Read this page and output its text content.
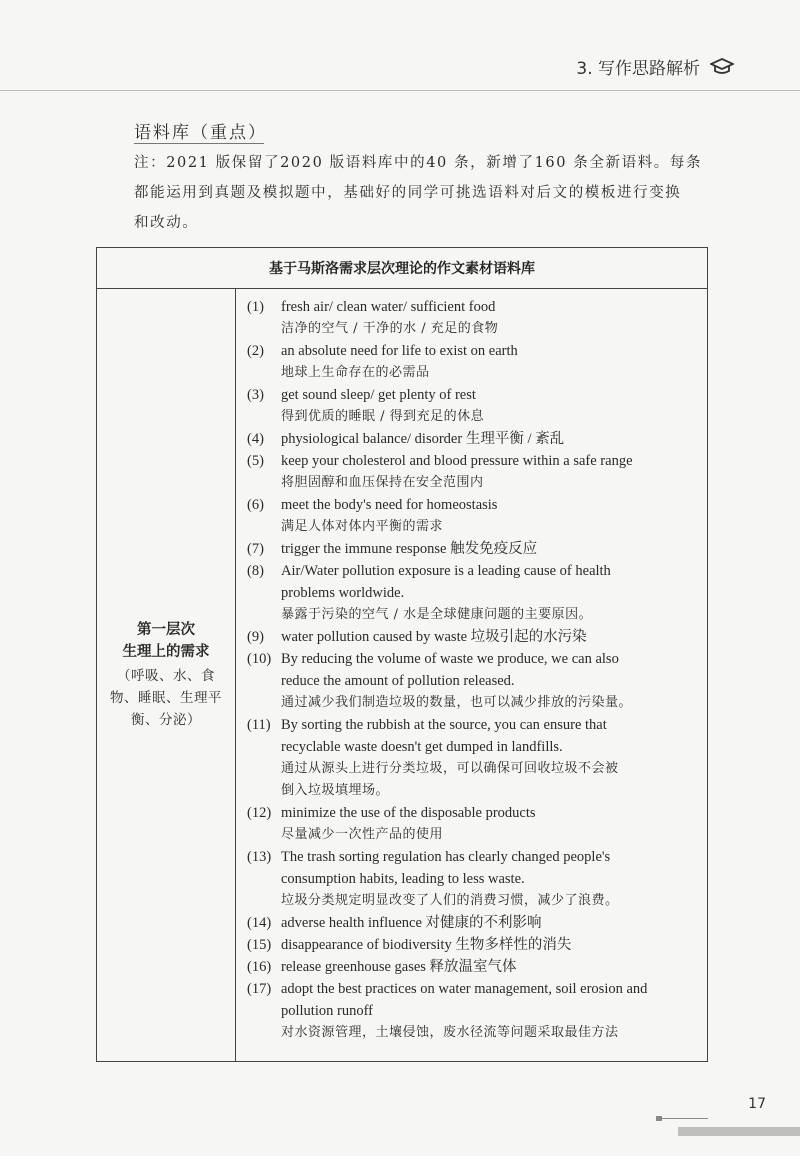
3. 写作思路解析
语料库（重点）
注：2021 版保留了2020 版语料库中的40 条，新增了160 条全新语料。每条
都能运用到真题及模拟题中，基础好的同学可挑选语料对后文的模板进行变换
和改动。
基于马斯洛需求层次理论的作文素材语料库
第一层次
生理上的需求
（呼吸、水、食物、睡眠、生理平衡、分泌）
(1)	fresh air/ clean water/ sufficient food
洁净的空气 / 干净的水 / 充足的食物
(2)	an absolute need for life to exist on earth
地球上生命存在的必需品
(3)	get sound sleep/ get plenty of rest
得到优质的睡眠 / 得到充足的休息
(4)	physiological balance/ disorder 生理平衡 / 紊乱
(5)	keep your cholesterol and blood pressure within a safe range
将胆固醇和血压保持在安全范围内
(6)	meet the body's need for homeostasis
满足人体对体内平衡的需求
(7)	trigger the immune response 触发免疫反应
(8)	Air/Water pollution exposure is a leading cause of health
problems worldwide.
暴露于污染的空气 / 水是全球健康问题的主要原因。
(9)	water pollution caused by waste 垃圾引起的水污染
(10) By reducing the volume of waste we produce, we can also
reduce the amount of pollution released.
通过减少我们制造垃圾的数量，也可以减少排放的污染量。
(11) By sorting the rubbish at the source, you can ensure that
recyclable waste doesn't get dumped in landfills.
通过从源头上进行分类垃圾，可以确保可回收垃圾不会被
倒入垃圾填埋场。
(12) minimize the use of the disposable products
尽量减少一次性产品的使用
(13) The trash sorting regulation has clearly changed people's
consumption habits, leading to less waste.
垃圾分类规定明显改变了人们的消费习惯，减少了浪费。
(14) adverse health influence 对健康的不利影响
(15) disappearance of biodiversity 生物多样性的消失
(16) release greenhouse gases 释放温室气体
(17) adopt the best practices on water management, soil erosion and
pollution runoff
对水资源管理，土壤侵蚀，废水径流等问题采取最佳方法
17
